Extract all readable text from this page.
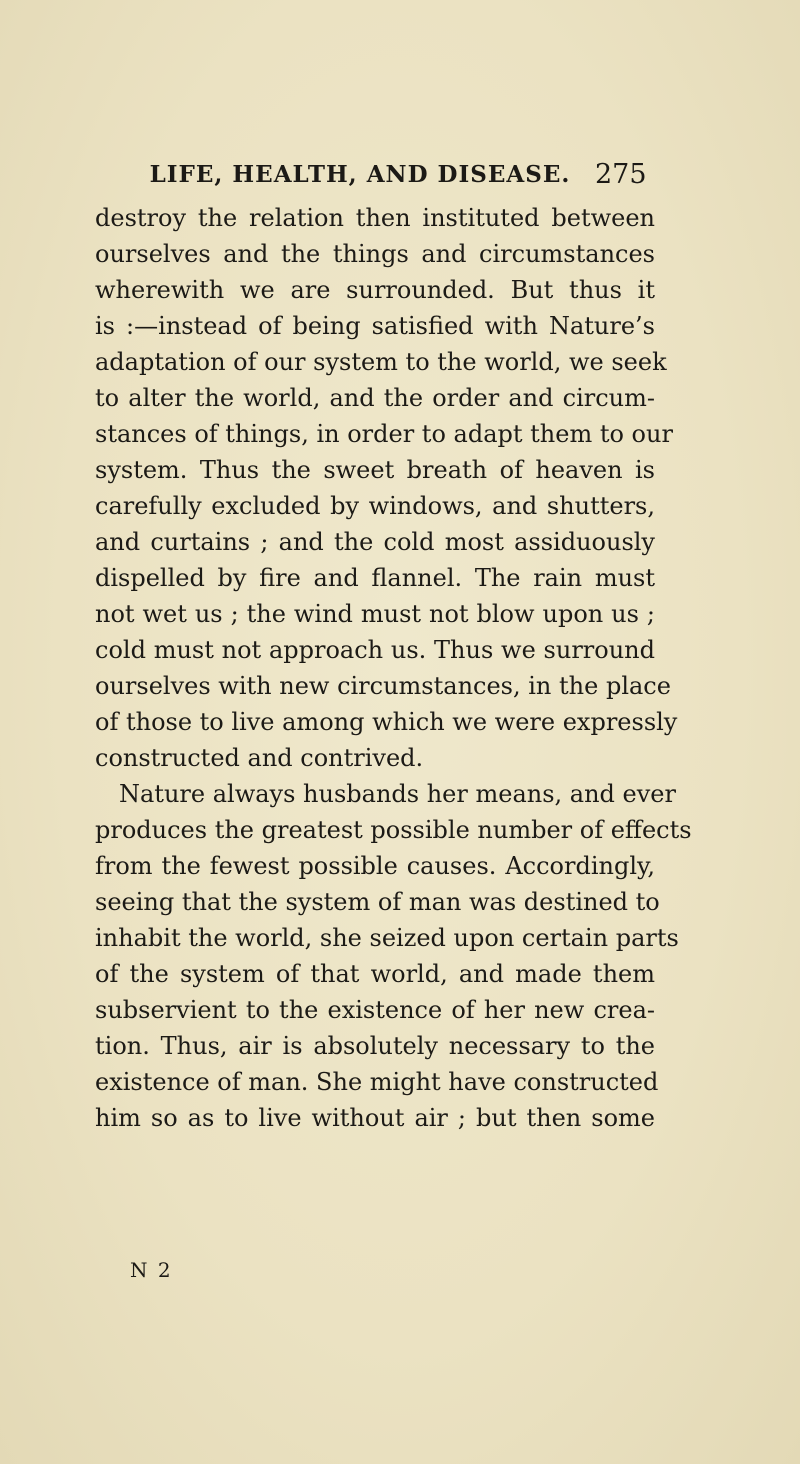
LIFE, HEALTH, AND DISEASE. 275
destroy the relation then instituted between
ourselves and the things and circumstances
wherewith we are surrounded. But thus it
is :—instead of being satisfied with Nature’s
adaptation of our system to the world, we seek
to alter the world, and the order and circum-
stances of things, in order to adapt them to our
system. Thus the sweet breath of heaven is
carefully excluded by windows, and shutters,
and curtains ; and the cold most assiduously
dispelled by fire and flannel. The rain must
not wet us ; the wind must not blow upon us ;
cold must not approach us. Thus we surround
ourselves with new circumstances, in the place
of those to live among which we were expressly
constructed and contrived.
Nature always husbands her means, and ever
produces the greatest possible number of effects
from the fewest possible causes. Accordingly,
seeing that the system of man was destined to
inhabit the world, she seized upon certain parts
of the system of that world, and made them
subservient to the existence of her new crea-
tion. Thus, air is absolutely necessary to the
existence of man. She might have constructed
him so as to live without air ; but then some
N 2
